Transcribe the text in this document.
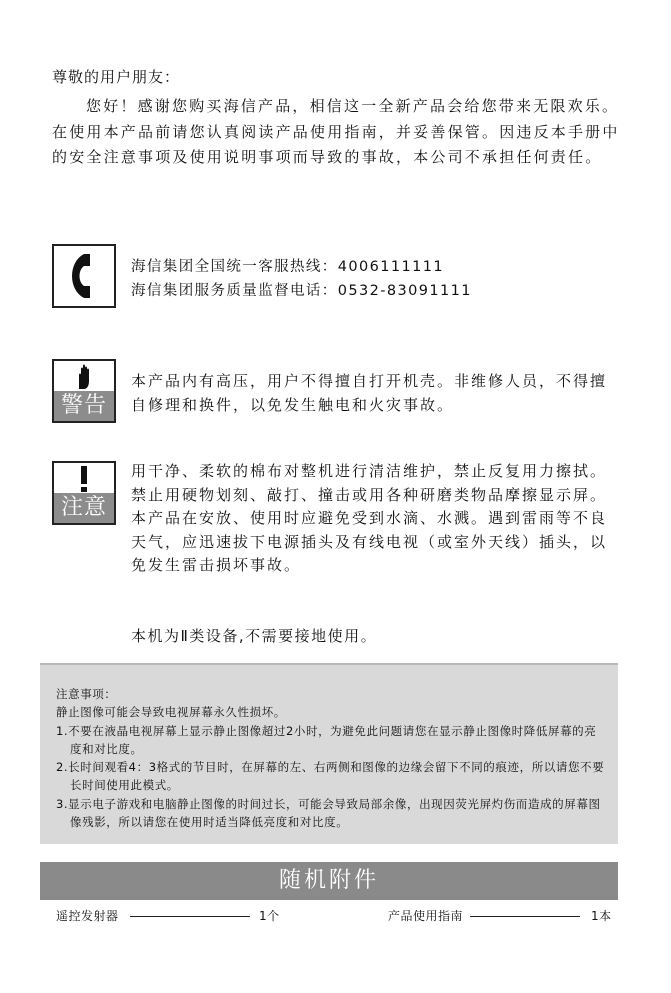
尊敬的用户朋友：

您好！感谢您购买海信产品，相信这一全新产品会给您带来无限欢乐。在使用本产品前请您认真阅读产品使用指南，并妥善保管。因违反本手册中的安全注意事项及使用说明事项而导致的事故，本公司不承担任何责任。

海信集团全国统一客服热线：4006111111
海信集团服务质量监督电话：0532-83091111
警告

本产品内有高压，用户不得擅自打开机壳。非维修人员，不得擅自修理和换件，以免发生触电和火灾事故。

注意

用干净、柔软的棉布对整机进行清洁维护，禁止反复用力擦拭。禁止用硬物划刻、敲打、撞击或用各种研磨类物品摩擦显示屏。

本产品在安放、使用时应避免受到水滴、水溅。遇到雷雨等不良天气，应迅速拔下电源插头及有线电视（或室外天线）插头，以免发生雷击损坏事故。

本机为Ⅱ类设备,不需要接地使用。
注意事项：
静止图像可能会导致电视屏幕永久性损坏。
1.不要在液晶电视屏幕上显示静止图像超过2小时，为避免此问题请您在显示静止图像时降低屏幕的亮度和对比度。
2.长时间观看4：3格式的节目时，在屏幕的左、右两侧和图像的边缘会留下不同的痕迹，所以请您不要长时间使用此模式。
3.显示电子游戏和电脑静止图像的时间过长，可能会导致局部余像，出现因荧光屏灼伤而造成的屏幕图像残影，所以请您在使用时适当降低亮度和对比度。
随机附件
遥控发射器	1个	产品使用指南	1本
